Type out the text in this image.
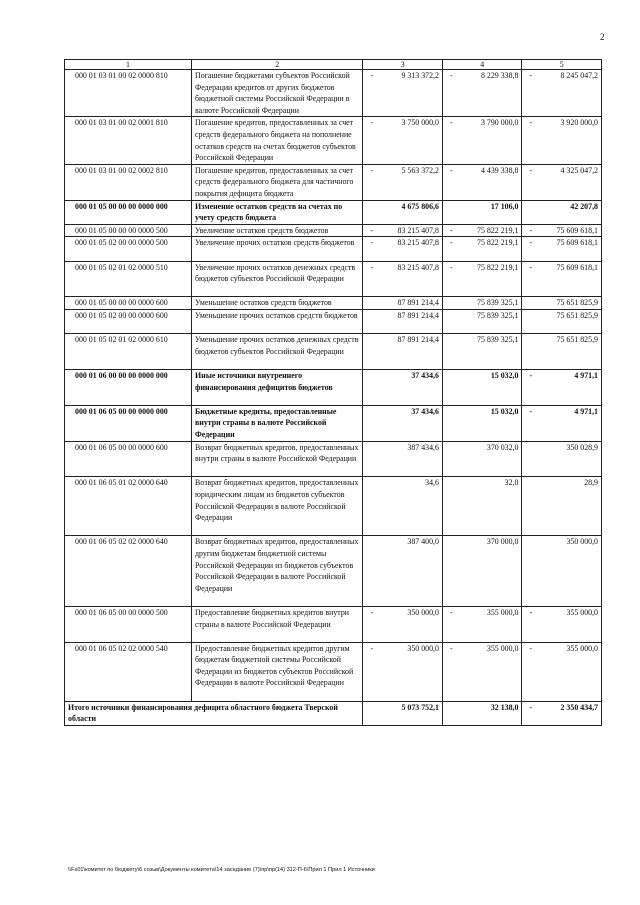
2
1	2	3	4	5
000 01 03 01 00 02 0000 810	Погашение бюджетами субъектов Российской Федерации кредитов от других бюджетов бюджетной системы Российской Федерации в валюте Российской Федерации	- 9 313 372,2	- 8 229 338,8	- 8 245 047,2

000 01 03 01 00 02 0001 810	Погашение кредитов, предоставленных за счет средств федерального бюджета на пополнение остатков средств на счетах бюджетов субъектов Российской Федерации	- 3 750 000,0	- 3 790 000,0	- 3 920 000,0

000 01 03 01 00 02 0002 810	Погашение кредитов, предоставленных за счет средств федерального бюджета для частичного покрытия дефицита бюджета	- 5 563 372,2	- 4 439 338,8	- 4 325 047,2

000 01 05 00 00 00 0000 000	Изменение остатков средств на счетах по учету средств бюджета	4 675 806,6	17 106,0	42 207,8

000 01 05 00 00 00 0000 500	Увеличение остатков средств бюджетов	- 83 215 407,8	- 75 822 219,1	- 75 609 618,1

000 01 05 02 00 00 0000 500	Увеличение прочих остатков средств бюджетов	- 83 215 407,8	- 75 822 219,1	- 75 609 618,1

000 01 05 02 01 02 0000 510	Увеличение прочих остатков денежных средств бюджетов субъектов Российской Федерации	- 83 215 407,8	- 75 822 219,1	- 75 609 618,1

000 01 05 00 00 00 0000 600	Уменьшение остатков средств бюджетов	87 891 214,4	75 839 325,1	75 651 825,9

000 01 05 02 00 00 0000 600	Уменьшение прочих остатков средств бюджетов	87 891 214,4	75 839 325,1	75 651 825,9

000 01 05 02 01 02 0000 610	Уменьшение прочих остатков денежных средств бюджетов субъектов Российской Федерации	87 891 214,4	75 839 325,1	75 651 825,9

000 01 06 00 00 00 0000 000	Иные источники внутреннего финансирования дефицитов бюджетов	37 434,6	15 032,0	- 4 971,1

000 01 06 05 00 00 0000 000	Бюджетные кредиты, предоставленные внутри страны в валюте Российской Федерации	37 434,6	15 032,0	- 4 971,1

000 01 06 05 00 00 0000 600	Возврат бюджетных кредитов, предоставленных внутри страны в валюте Российской Федерации	387 434,6	370 032,0	350 028,9

000 01 06 05 01 02 0000 640	Возврат бюджетных кредитов, предоставленных юридическим лицам из бюджетов субъектов Российской Федерации в валюте Российской Федерации	34,6	32,0	28,9

000 01 06 05 02 02 0000 640	Возврат бюджетных кредитов, предоставленных другим бюджетам бюджетной системы Российской Федерации из бюджетов субъектов Российской Федерации в валюте Российской Федерации	387 400,0	370 000,0	350 000,0

000 01 06 05 00 00 0000 500	Предоставление бюджетных кредитов внутри страны в валюте Российской Федерации	- 350 000,0	- 355 000,0	- 355 000,0

000 01 06 05 02 02 0000 540	Предоставление бюджетных кредитов другим бюджетам бюджетной системы Российской Федерации из бюджетов субъектов Российской Федерации в валюте Российской Федерации	- 350 000,0	- 355 000,0	- 355 000,0

Итого источники финансирования дефицита областного бюджета Тверской области		5 073 752,1	32 138,0	- 2 350 434,7
\\Fs01\комитет по бюджету\6 созыв\Документы комитета\14 заседание (7)\пр\пр(14) 312-П-6\Прил 1 Прил 1 Источники
